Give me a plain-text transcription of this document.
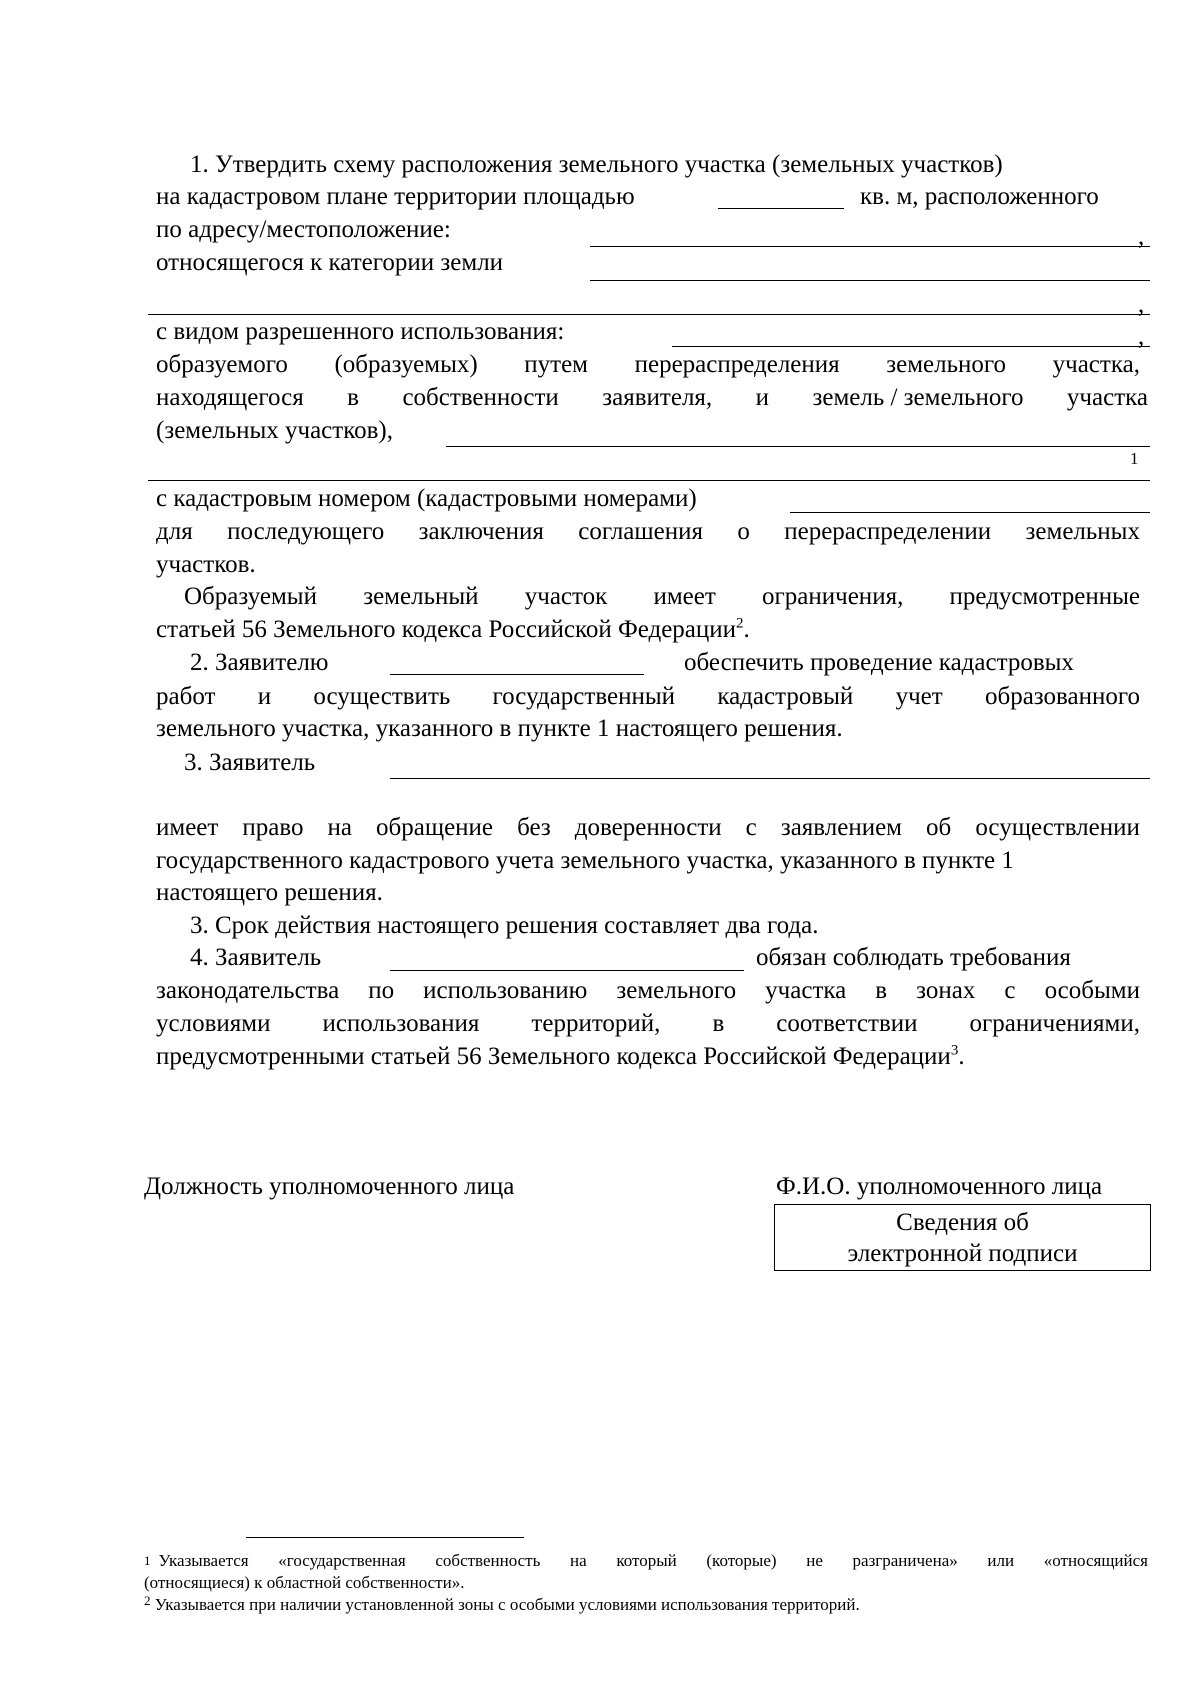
1. Утвердить схему расположения земельного участка (земельных участков)
на кадастровом плане территории площадью	кв. м, расположенного
по адресу/местоположение:	,
относящегося к категории земли
,
с видом разрешенного использования:	,
образуемого (образуемых) путем перераспределения земельного участка,
находящегося в собственности заявителя, и земель / земельного участка
(земельных участков),
1
с кадастровым номером (кадастровыми номерами)
для последующего заключения соглашения о перераспределении земельных
участков.
Образуемый земельный участок имеет ограничения, предусмотренные
статьей 56 Земельного кодекса Российской Федерации$^2$.
2. Заявителю	обеспечить проведение кадастровых
работ и осуществить государственный кадастровый учет образованного
земельного участка, указанного в пункте 1 настоящего решения.
3. Заявитель
имеет право на обращение без доверенности с заявлением об осуществлении
государственного кадастрового учета земельного участка, указанного в пункте 1
настоящего решения.
3. Срок действия настоящего решения составляет два года.
4. Заявитель	обязан соблюдать требования
законодательства по использованию земельного участка в зонах с особыми
условиями использования территорий, в соответствии ограничениями,
предусмотренными статьей 56 Земельного кодекса Российской Федерации$^3$.
Должность уполномоченного лица	Ф.И.О. уполномоченного лица
Сведения об
электронной подписи
1 Указывается «государственная собственность на который (которые) не разграничена» или «относящийся
(относящиеся) к областной собственности».
$^2$ Указывается при наличии установленной зоны с особыми условиями использования территорий.
